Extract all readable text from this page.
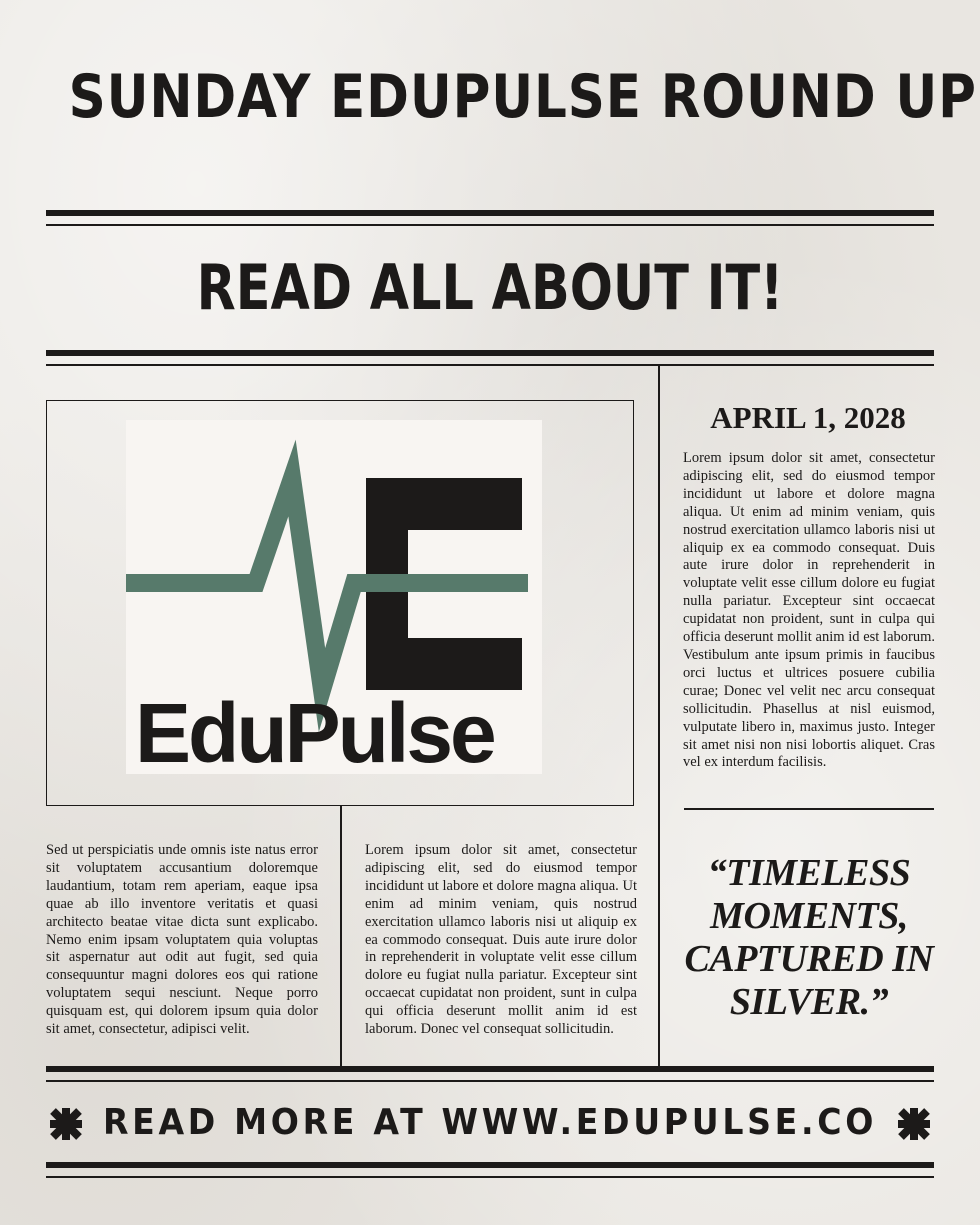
SUNDAY EDUPULSE ROUND UP
READ ALL ABOUT IT!
EduPulse
APRIL 1, 2028
Lorem ipsum dolor sit amet, consectetur adipiscing elit, sed do eiusmod tempor incididunt ut labore et dolore magna aliqua. Ut enim ad minim veniam, quis nostrud exercitation ullamco laboris nisi ut aliquip ex ea commodo consequat. Duis aute irure dolor in reprehenderit in voluptate velit esse cillum dolore eu fugiat nulla pariatur. Excepteur sint occaecat cupidatat non proident, sunt in culpa qui officia deserunt mollit anim id est laborum. Vestibulum ante ipsum primis in faucibus orci luctus et ultrices posuere cubilia curae; Donec vel velit nec arcu consequat sollicitudin. Phasellus at nisl euismod, vulputate libero in, maximus justo. Integer sit amet nisi non nisi lobortis aliquet. Cras vel ex interdum facilisis.
“TIMELESS MOMENTS, CAPTURED IN SILVER.”
Sed ut perspiciatis unde omnis iste natus error sit voluptatem accusantium doloremque laudantium, totam rem aperiam, eaque ipsa quae ab illo inventore veritatis et quasi architecto beatae vitae dicta sunt explicabo. Nemo enim ipsam voluptatem quia voluptas sit aspernatur aut odit aut fugit, sed quia consequuntur magni dolores eos qui ratione voluptatem sequi nesciunt. Neque porro quisquam est, qui dolorem ipsum quia dolor sit amet, consectetur, adipisci velit.
Lorem ipsum dolor sit amet, consectetur adipiscing elit, sed do eiusmod tempor incididunt ut labore et dolore magna aliqua. Ut enim ad minim veniam, quis nostrud exercitation ullamco laboris nisi ut aliquip ex ea commodo consequat. Duis aute irure dolor in reprehenderit in voluptate velit esse cillum dolore eu fugiat nulla pariatur. Excepteur sint occaecat cupidatat non proident, sunt in culpa qui officia deserunt mollit anim id est laborum. Donec vel consequat sollicitudin.
READ MORE AT WWW.EDUPULSE.CO
